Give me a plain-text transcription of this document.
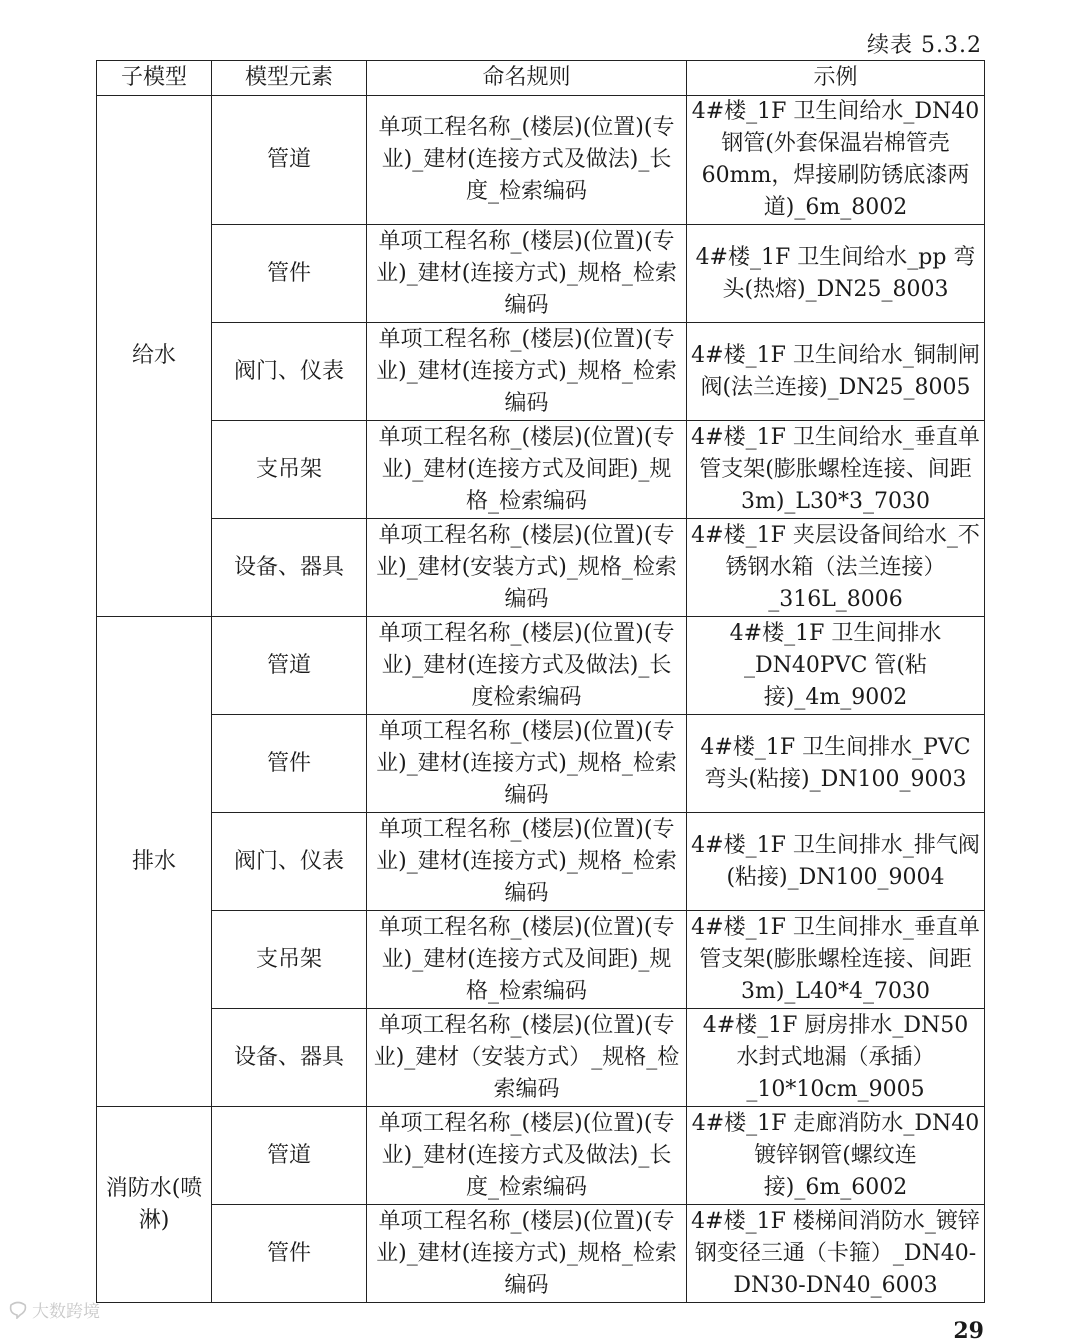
续表 5.3.2
子模型	模型元素	命名规则	示例
给水	管道	单项工程名称_(楼层)(位置)(专业)_建材(连接方式及做法)_长度_检索编码	4#楼_1F 卫生间给水_DN40 钢管(外套保温岩棉管壳 60mm，焊接刷防锈底漆两道)_6m_8002
	管件	单项工程名称_(楼层)(位置)(专业)_建材(连接方式)_规格_检索编码	4#楼_1F 卫生间给水_pp 弯头(热熔)_DN25_8003
	阀门、仪表	单项工程名称_(楼层)(位置)(专业)_建材(连接方式)_规格_检索编码	4#楼_1F 卫生间给水_铜制闸阀(法兰连接)_DN25_8005
	支吊架	单项工程名称_(楼层)(位置)(专业)_建材(连接方式及间距)_规格_检索编码	4#楼_1F 卫生间给水_垂直单管支架(膨胀螺栓连接、间距 3m)_L30*3_7030
	设备、器具	单项工程名称_(楼层)(位置)(专业)_建材(安装方式)_规格_检索编码	4#楼_1F 夹层设备间给水_不锈钢水箱（法兰连接）_316L_8006
排水	管道	单项工程名称_(楼层)(位置)(专业)_建材(连接方式及做法)_长度检索编码	4#楼_1F 卫生间排水_DN40PVC 管(粘接)_4m_9002
	管件	单项工程名称_(楼层)(位置)(专业)_建材(连接方式)_规格_检索编码	4#楼_1F 卫生间排水_PVC 弯头(粘接)_DN100_9003
	阀门、仪表	单项工程名称_(楼层)(位置)(专业)_建材(连接方式)_规格_检索编码	4#楼_1F 卫生间排水_排气阀(粘接)_DN100_9004
	支吊架	单项工程名称_(楼层)(位置)(专业)_建材(连接方式及间距)_规格_检索编码	4#楼_1F 卫生间排水_垂直单管支架(膨胀螺栓连接、间距 3m)_L40*4_7030
	设备、器具	单项工程名称_(楼层)(位置)(专业)_建材（安装方式）_规格_检索编码	4#楼_1F 厨房排水_DN50 水封式地漏（承插）_10*10cm_9005
消防水(喷淋)	管道	单项工程名称_(楼层)(位置)(专业)_建材(连接方式及做法)_长度_检索编码	4#楼_1F 走廊消防水_DN40 镀锌钢管(螺纹连接)_6m_6002
	管件	单项工程名称_(楼层)(位置)(专业)_建材(连接方式)_规格_检索编码	4#楼_1F 楼梯间消防水_镀锌钢变径三通（卡箍）_DN40-DN30-DN40_6003
大数跨境
29
